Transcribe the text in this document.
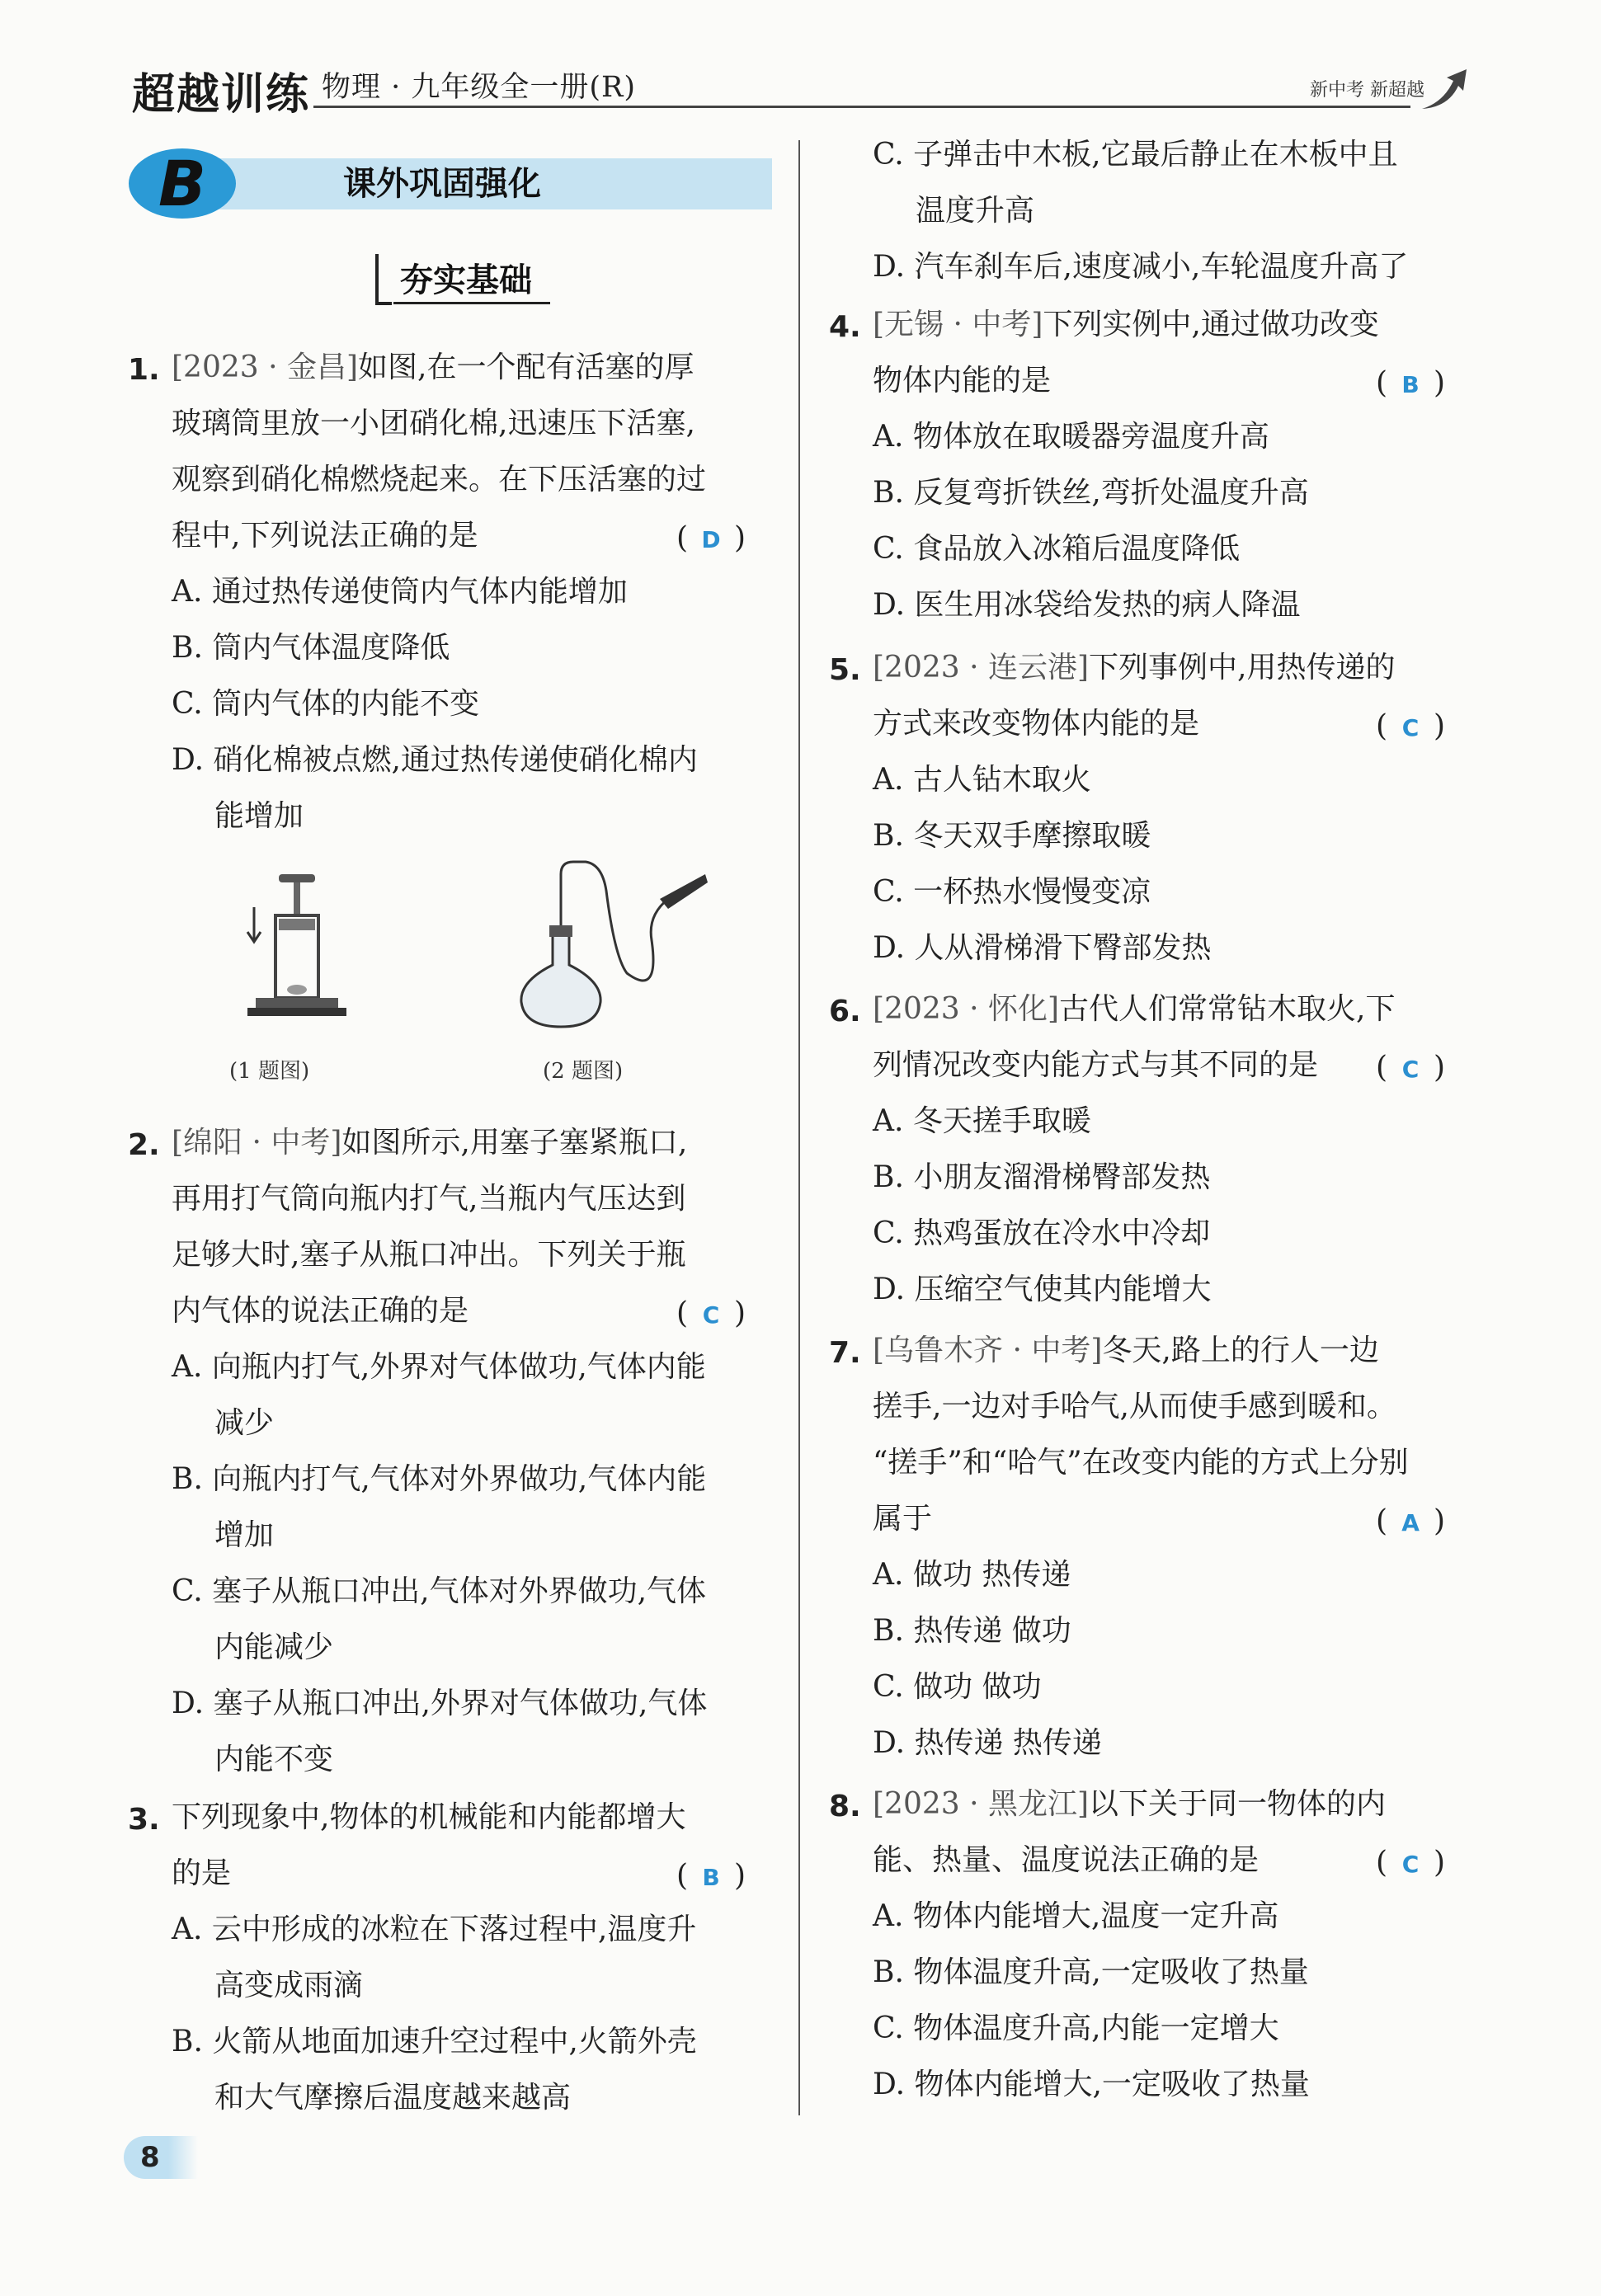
超越训练 物理 · 九年级全一册(R)	新中考 新超越
B	课外巩固强化
夯实基础
1. [2023 · 金昌]如图,在一个配有活塞的厚
玻璃筒里放一小团硝化棉,迅速压下活塞,
观察到硝化棉燃烧起来。在下压活塞的过
程中,下列说法正确的是	( D )
A. 通过热传递使筒内气体内能增加
B. 筒内气体温度降低
C. 筒内气体的内能不变
D. 硝化棉被点燃,通过热传递使硝化棉内
能增加
(1 题图)	(2 题图)
2. [绵阳 · 中考]如图所示,用塞子塞紧瓶口,
再用打气筒向瓶内打气,当瓶内气压达到
足够大时,塞子从瓶口冲出。下列关于瓶
内气体的说法正确的是	( C )
A. 向瓶内打气,外界对气体做功,气体内能
减少
B. 向瓶内打气,气体对外界做功,气体内能
增加
C. 塞子从瓶口冲出,气体对外界做功,气体
内能减少
D. 塞子从瓶口冲出,外界对气体做功,气体
内能不变
3. 下列现象中,物体的机械能和内能都增大
的是	( B )
A. 云中形成的冰粒在下落过程中,温度升
高变成雨滴
B. 火箭从地面加速升空过程中,火箭外壳
和大气摩擦后温度越来越高
C. 子弹击中木板,它最后静止在木板中且
温度升高
D. 汽车刹车后,速度减小,车轮温度升高了
4. [无锡 · 中考]下列实例中,通过做功改变
物体内能的是	( B )
A. 物体放在取暖器旁温度升高
B. 反复弯折铁丝,弯折处温度升高
C. 食品放入冰箱后温度降低
D. 医生用冰袋给发热的病人降温
5. [2023 · 连云港]下列事例中,用热传递的
方式来改变物体内能的是	( C )
A. 古人钻木取火
B. 冬天双手摩擦取暖
C. 一杯热水慢慢变凉
D. 人从滑梯滑下臀部发热
6. [2023 · 怀化]古代人们常常钻木取火,下
列情况改变内能方式与其不同的是 ( C )
A. 冬天搓手取暖
B. 小朋友溜滑梯臀部发热
C. 热鸡蛋放在冷水中冷却
D. 压缩空气使其内能增大
7. [乌鲁木齐 · 中考]冬天,路上的行人一边
搓手,一边对手哈气,从而使手感到暖和。
“搓手”和“哈气”在改变内能的方式上分别
属于	( A )
A. 做功 热传递
B. 热传递 做功
C. 做功 做功
D. 热传递 热传递
8. [2023 · 黑龙江]以下关于同一物体的内
能、热量、温度说法正确的是	( C )
A. 物体内能增大,温度一定升高
B. 物体温度升高,一定吸收了热量
C. 物体温度升高,内能一定增大
D. 物体内能增大,一定吸收了热量
8
